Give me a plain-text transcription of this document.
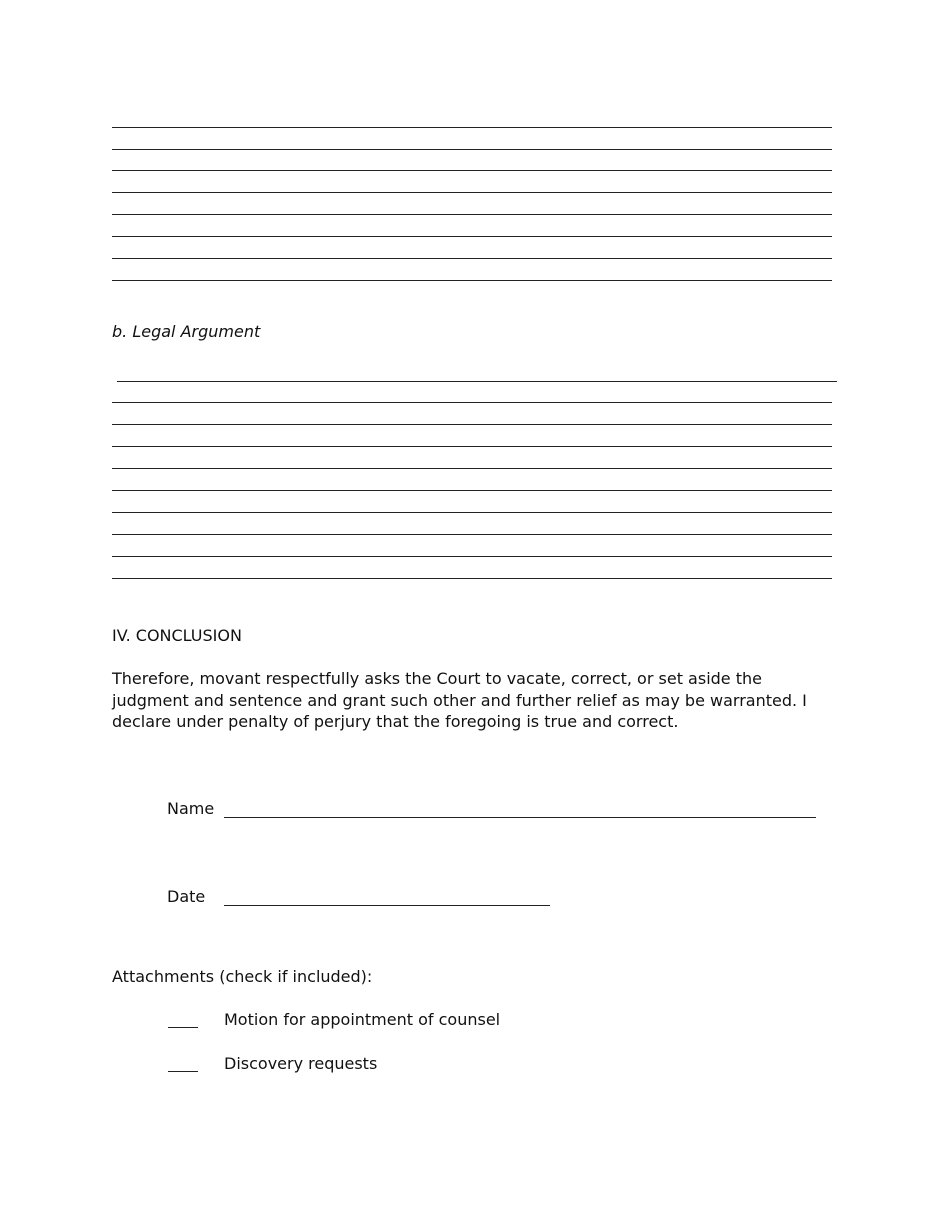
b. Legal Argument
IV. CONCLUSION
Therefore, movant respectfully asks the Court to vacate, correct, or set aside the judgment and sentence and grant such other and further relief as may be warranted. I declare under penalty of perjury that the foregoing is true and correct.
Name
Date
Attachments (check if included):
Motion for appointment of counsel
Discovery requests
